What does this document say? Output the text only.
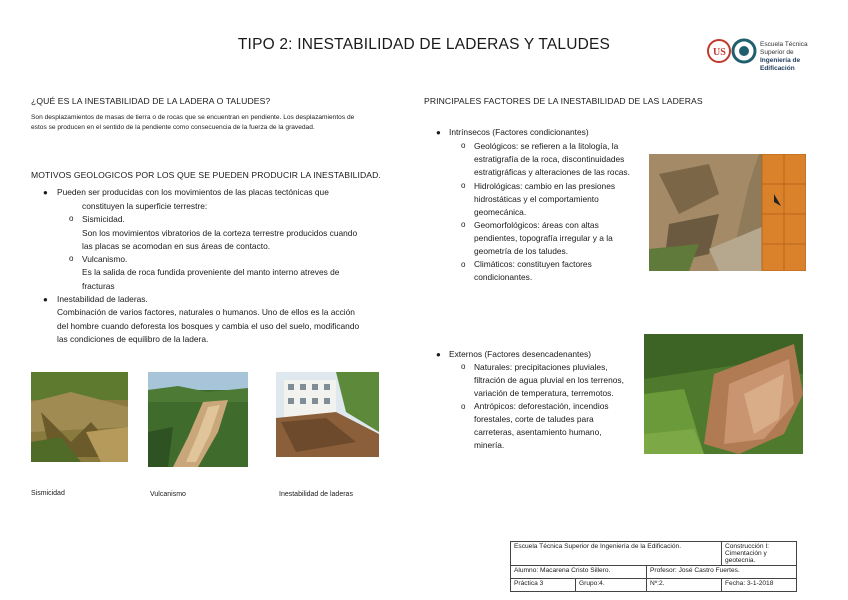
TIPO 2: INESTABILIDAD DE LADERAS Y TALUDES	US
Escuela Técnica Superior de
Ingeniería de Edificación
¿QUÉ ES LA INESTABILIDAD DE LA LADERA O TALUDES?
Son desplazamientos de masas de tierra o de rocas que se encuentran en pendiente. Los desplazamientos de
estos se producen en el sentido de la pendiente como consecuencia de la fuerza de la gravedad.
MOTIVOS GEOLOGICOS POR LOS QUE SE PUEDEN PRODUCIR LA INESTABILIDAD.
● Pueden ser producidas con los movimientos de las placas tectónicas que
constituyen la superficie terrestre:
o Sismicidad.
Son los movimientos vibratorios de la corteza terrestre producidos cuando
las placas se acomodan en sus áreas de contacto.
o Vulcanismo.
Es la salida de roca fundida proveniente del manto interno atreves de
fracturas
● Inestabilidad de laderas.
Combinación de varios factores, naturales o humanos. Uno de ellos es la acción
del hombre cuando deforesta los bosques y cambia el uso del suelo, modificando
las condiciones de equilibro de la ladera.
Sismicidad	Vulcanismo	Inestabilidad de laderas
PRINCIPALES FACTORES DE LA INESTABILIDAD DE LAS LADERAS
● Intrínsecos (Factores condicionantes)
o Geológicos: se refieren a la litología, la
estratigrafía de la roca, discontinuidades
estratigráficas y alteraciones de las rocas.
o Hidrológicas: cambio en las presiones
hidrostáticas y el comportamiento
geomecánica.
o Geomorfológicos: áreas con altas
pendientes, topografía irregular y a la
geometría de los taludes.
o Climáticos: constituyen factores
condicionantes.
● Externos (Factores desencadenantes)
o Naturales: precipitaciones pluviales,
filtración de agua pluvial en los terrenos,
variación de temperatura, terremotos.
o Antrópicos: deforestación, incendios
forestales, corte de taludes para
carreteras, asentamiento humano,
minería.
Escuela Técnica Superior de Ingeniería de la Edificación.			Construcción I: Cimentación y geotecnia.
Alumno: Macarena Cristo Sillero.		Profesor: José Castro Fuertes.	
Práctica 3	Grupo:4.	Nº:2.	Fecha: 3-1-2018
